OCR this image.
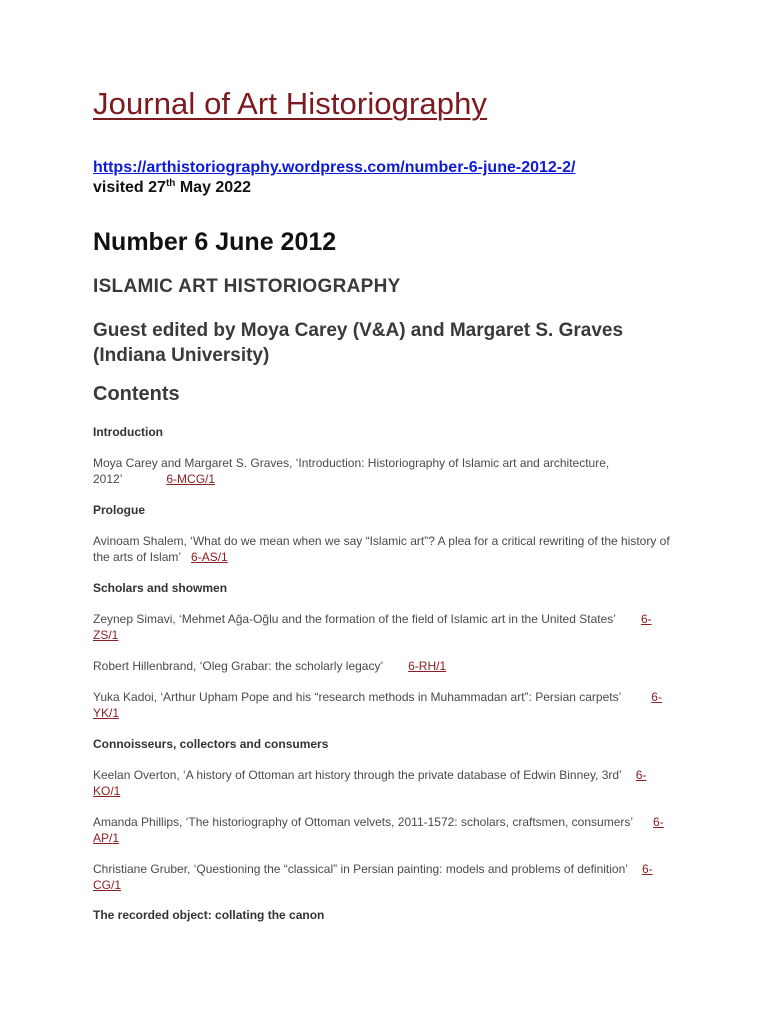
Journal of Art Historiography
https://arthistoriography.wordpress.com/number-6-june-2012-2/
visited 27th May 2022
Number 6 June 2012
ISLAMIC ART HISTORIOGRAPHY
Guest edited by Moya Carey (V&A) and Margaret S. Graves (Indiana University)
Contents
Introduction
Moya Carey and Margaret S. Graves, ‘Introduction: Historiography of Islamic art and architecture, 2012’	6-MCG/1
Prologue
Avinoam Shalem, ‘What do we mean when we say “Islamic art”? A plea for a critical rewriting of the history of the arts of Islam’ 6-AS/1
Scholars and showmen
Zeynep Simavi, ‘Mehmet Ağa-Oğlu and the formation of the field of Islamic art in the United States’ 6-ZS/1
Robert Hillenbrand, ‘Oleg Grabar: the scholarly legacy’ 6-RH/1
Yuka Kadoi, ‘Arthur Upham Pope and his “research methods in Muhammadan art”: Persian carpets’	6-YK/1
Connoisseurs, collectors and consumers
Keelan Overton, ‘A history of Ottoman art history through the private database of Edwin Binney, 3rd’ 6-KO/1
Amanda Phillips, ‘The historiography of Ottoman velvets, 2011-1572: scholars, craftsmen, consumers’ 6-AP/1
Christiane Gruber, ‘Questioning the “classical” in Persian painting: models and problems of definition’ 6-CG/1
The recorded object: collating the canon
